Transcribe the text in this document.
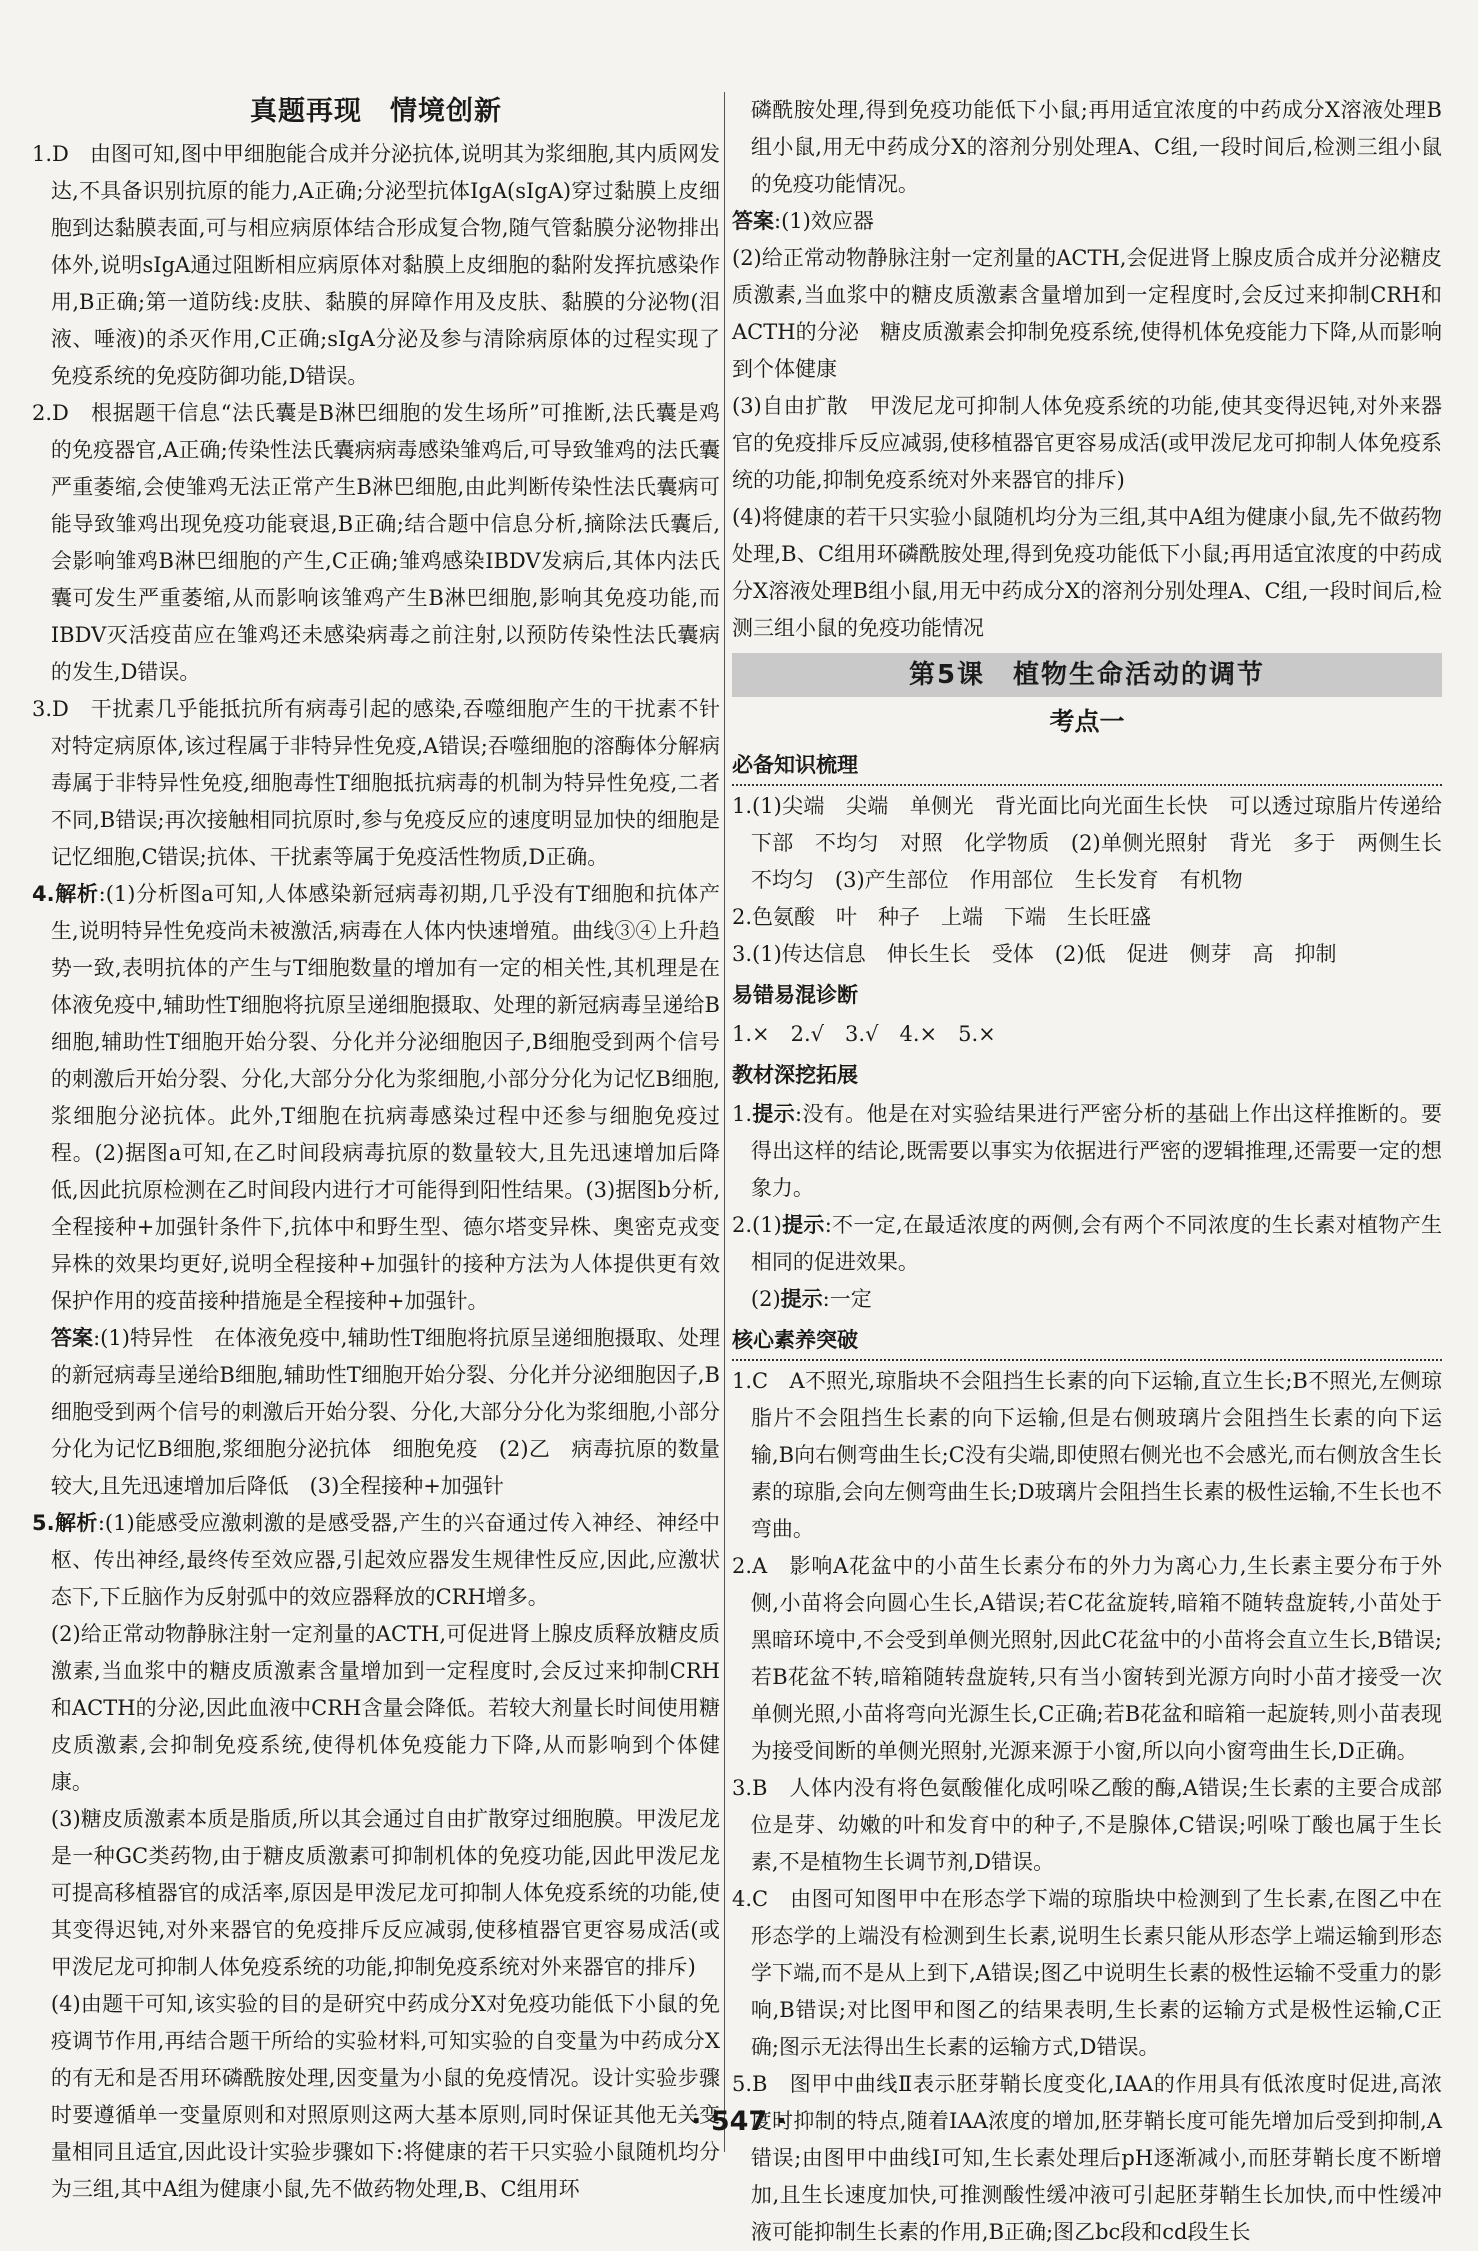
真题再现　情境创新

1.D　由图可知,图中甲细胞能合成并分泌抗体,说明其为浆细胞,其内质网发达,不具备识别抗原的能力,A正确;分泌型抗体IgA(sIgA)穿过黏膜上皮细胞到达黏膜表面,可与相应病原体结合形成复合物,随气管黏膜分泌物排出体外,说明sIgA通过阻断相应病原体对黏膜上皮细胞的黏附发挥抗感染作用,B正确;第一道防线:皮肤、黏膜的屏障作用及皮肤、黏膜的分泌物(泪液、唾液)的杀灭作用,C正确;sIgA分泌及参与清除病原体的过程实现了免疫系统的免疫防御功能,D错误。

2.D　根据题干信息“法氏囊是B淋巴细胞的发生场所”可推断,法氏囊是鸡的免疫器官,A正确;传染性法氏囊病病毒感染雏鸡后,可导致雏鸡的法氏囊严重萎缩,会使雏鸡无法正常产生B淋巴细胞,由此判断传染性法氏囊病可能导致雏鸡出现免疫功能衰退,B正确;结合题中信息分析,摘除法氏囊后,会影响雏鸡B淋巴细胞的产生,C正确;雏鸡感染IBDV发病后,其体内法氏囊可发生严重萎缩,从而影响该雏鸡产生B淋巴细胞,影响其免疫功能,而IBDV灭活疫苗应在雏鸡还未感染病毒之前注射,以预防传染性法氏囊病的发生,D错误。

3.D　干扰素几乎能抵抗所有病毒引起的感染,吞噬细胞产生的干扰素不针对特定病原体,该过程属于非特异性免疫,A错误;吞噬细胞的溶酶体分解病毒属于非特异性免疫,细胞毒性T细胞抵抗病毒的机制为特异性免疫,二者不同,B错误;再次接触相同抗原时,参与免疫反应的速度明显加快的细胞是记忆细胞,C错误;抗体、干扰素等属于免疫活性物质,D正确。

4.解析:(1)分析图a可知,人体感染新冠病毒初期,几乎没有T细胞和抗体产生,说明特异性免疫尚未被激活,病毒在人体内快速增殖。曲线③④上升趋势一致,表明抗体的产生与T细胞数量的增加有一定的相关性,其机理是在体液免疫中,辅助性T细胞将抗原呈递细胞摄取、处理的新冠病毒呈递给B细胞,辅助性T细胞开始分裂、分化并分泌细胞因子,B细胞受到两个信号的刺激后开始分裂、分化,大部分分化为浆细胞,小部分分化为记忆B细胞,浆细胞分泌抗体。此外,T细胞在抗病毒感染过程中还参与细胞免疫过程。(2)据图a可知,在乙时间段病毒抗原的数量较大,且先迅速增加后降低,因此抗原检测在乙时间段内进行才可能得到阳性结果。(3)据图b分析,全程接种+加强针条件下,抗体中和野生型、德尔塔变异株、奥密克戎变异株的效果均更好,说明全程接种+加强针的接种方法为人体提供更有效保护作用的疫苗接种措施是全程接种+加强针。

答案:(1)特异性　在体液免疫中,辅助性T细胞将抗原呈递细胞摄取、处理的新冠病毒呈递给B细胞,辅助性T细胞开始分裂、分化并分泌细胞因子,B细胞受到两个信号的刺激后开始分裂、分化,大部分分化为浆细胞,小部分分化为记忆B细胞,浆细胞分泌抗体　细胞免疫　(2)乙　病毒抗原的数量较大,且先迅速增加后降低　(3)全程接种+加强针

5.解析:(1)能感受应激刺激的是感受器,产生的兴奋通过传入神经、神经中枢、传出神经,最终传至效应器,引起效应器发生规律性反应,因此,应激状态下,下丘脑作为反射弧中的效应器释放的CRH增多。

(2)给正常动物静脉注射一定剂量的ACTH,可促进肾上腺皮质释放糖皮质激素,当血浆中的糖皮质激素含量增加到一定程度时,会反过来抑制CRH和ACTH的分泌,因此血液中CRH含量会降低。若较大剂量长时间使用糖皮质激素,会抑制免疫系统,使得机体免疫能力下降,从而影响到个体健康。

(3)糖皮质激素本质是脂质,所以其会通过自由扩散穿过细胞膜。甲泼尼龙是一种GC类药物,由于糖皮质激素可抑制机体的免疫功能,因此甲泼尼龙可提高移植器官的成活率,原因是甲泼尼龙可抑制人体免疫系统的功能,使其变得迟钝,对外来器官的免疫排斥反应减弱,使移植器官更容易成活(或甲泼尼龙可抑制人体免疫系统的功能,抑制免疫系统对外来器官的排斥)

(4)由题干可知,该实验的目的是研究中药成分X对免疫功能低下小鼠的免疫调节作用,再结合题干所给的实验材料,可知实验的自变量为中药成分X的有无和是否用环磷酰胺处理,因变量为小鼠的免疫情况。设计实验步骤时要遵循单一变量原则和对照原则这两大基本原则,同时保证其他无关变量相同且适宜,因此设计实验步骤如下:将健康的若干只实验小鼠随机均分为三组,其中A组为健康小鼠,先不做药物处理,B、C组用环

磷酰胺处理,得到免疫功能低下小鼠;再用适宜浓度的中药成分X溶液处理B组小鼠,用无中药成分X的溶剂分别处理A、C组,一段时间后,检测三组小鼠的免疫功能情况。

答案:(1)效应器

(2)给正常动物静脉注射一定剂量的ACTH,会促进肾上腺皮质合成并分泌糖皮质激素,当血浆中的糖皮质激素含量增加到一定程度时,会反过来抑制CRH和ACTH的分泌　糖皮质激素会抑制免疫系统,使得机体免疫能力下降,从而影响到个体健康

(3)自由扩散　甲泼尼龙可抑制人体免疫系统的功能,使其变得迟钝,对外来器官的免疫排斥反应减弱,使移植器官更容易成活(或甲泼尼龙可抑制人体免疫系统的功能,抑制免疫系统对外来器官的排斥)

(4)将健康的若干只实验小鼠随机均分为三组,其中A组为健康小鼠,先不做药物处理,B、C组用环磷酰胺处理,得到免疫功能低下小鼠;再用适宜浓度的中药成分X溶液处理B组小鼠,用无中药成分X的溶剂分别处理A、C组,一段时间后,检测三组小鼠的免疫功能情况

第5课　植物生命活动的调节
考点一
必备知识梳理

1.(1)尖端　尖端　单侧光　背光面比向光面生长快　可以透过琼脂片传递给下部　不均匀　对照　化学物质　(2)单侧光照射　背光　多于　两侧生长不均匀　(3)产生部位　作用部位　生长发育　有机物

2.色氨酸　叶　种子　上端　下端　生长旺盛

3.(1)传达信息　伸长生长　受体　(2)低　促进　侧芽　高　抑制

易错易混诊断

1.×　2.√　3.√　4.×　5.×

教材深挖拓展

1.提示:没有。他是在对实验结果进行严密分析的基础上作出这样推断的。要得出这样的结论,既需要以事实为依据进行严密的逻辑推理,还需要一定的想象力。

2.(1)提示:不一定,在最适浓度的两侧,会有两个不同浓度的生长素对植物产生相同的促进效果。

(2)提示:一定

核心素养突破

1.C　A不照光,琼脂块不会阻挡生长素的向下运输,直立生长;B不照光,左侧琼脂片不会阻挡生长素的向下运输,但是右侧玻璃片会阻挡生长素的向下运输,B向右侧弯曲生长;C没有尖端,即使照右侧光也不会感光,而右侧放含生长素的琼脂,会向左侧弯曲生长;D玻璃片会阻挡生长素的极性运输,不生长也不弯曲。

2.A　影响A花盆中的小苗生长素分布的外力为离心力,生长素主要分布于外侧,小苗将会向圆心生长,A错误;若C花盆旋转,暗箱不随转盘旋转,小苗处于黑暗环境中,不会受到单侧光照射,因此C花盆中的小苗将会直立生长,B错误;若B花盆不转,暗箱随转盘旋转,只有当小窗转到光源方向时小苗才接受一次单侧光照,小苗将弯向光源生长,C正确;若B花盆和暗箱一起旋转,则小苗表现为接受间断的单侧光照射,光源来源于小窗,所以向小窗弯曲生长,D正确。

3.B　人体内没有将色氨酸催化成吲哚乙酸的酶,A错误;生长素的主要合成部位是芽、幼嫩的叶和发育中的种子,不是腺体,C错误;吲哚丁酸也属于生长素,不是植物生长调节剂,D错误。

4.C　由图可知图甲中在形态学下端的琼脂块中检测到了生长素,在图乙中在形态学的上端没有检测到生长素,说明生长素只能从形态学上端运输到形态学下端,而不是从上到下,A错误;图乙中说明生长素的极性运输不受重力的影响,B错误;对比图甲和图乙的结果表明,生长素的运输方式是极性运输,C正确;图示无法得出生长素的运输方式,D错误。

5.B　图甲中曲线Ⅱ表示胚芽鞘长度变化,IAA的作用具有低浓度时促进,高浓度时抑制的特点,随着IAA浓度的增加,胚芽鞘长度可能先增加后受到抑制,A错误;由图甲中曲线Ⅰ可知,生长素处理后pH逐渐减小,而胚芽鞘长度不断增加,且生长速度加快,可推测酸性缓冲液可引起胚芽鞘生长加快,而中性缓冲液可能抑制生长素的作用,B正确;图乙bc段和cd段生长

· 547 ·
